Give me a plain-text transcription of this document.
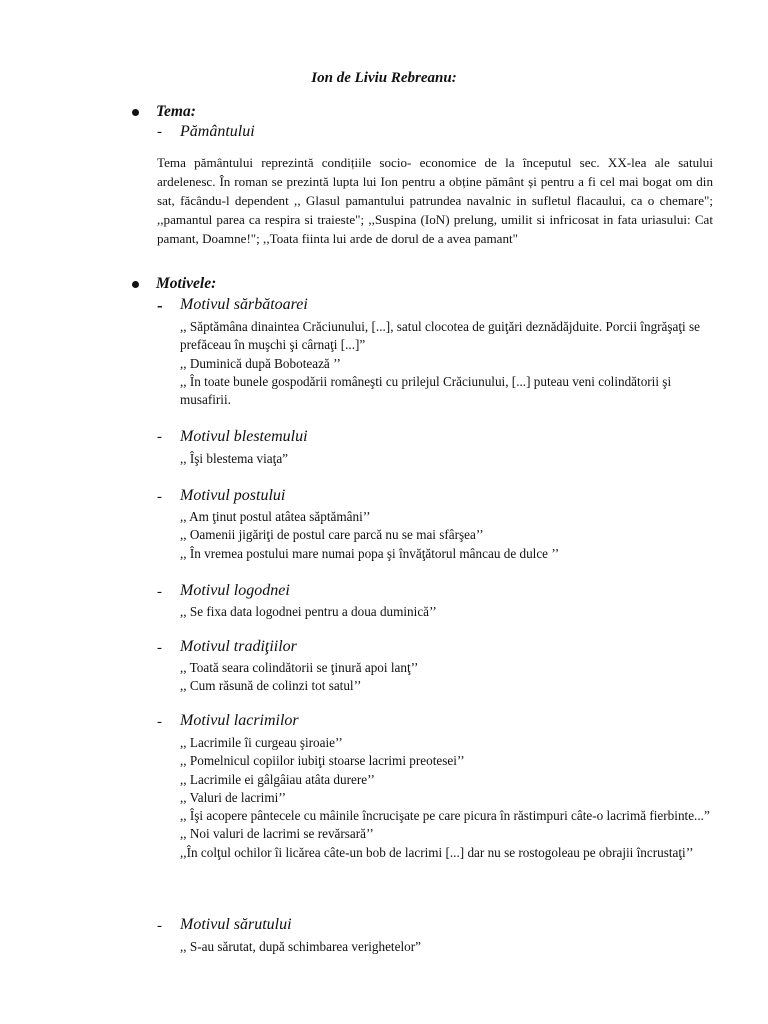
Ion de Liviu Rebreanu:
Tema:
- Pământului
Tema pământului reprezintă condițiile socio- economice de la începutul sec. XX-lea ale satului ardelenesc. În roman se prezintă lupta lui Ion pentru a obține pământ și pentru a fi cel mai bogat om din sat, făcându-l dependent ,, Glasul pamantului patrundea navalnic in sufletul flacaului, ca o chemare"; ,,pamantul parea ca respira si traieste"; ,,Suspina (IoN) prelung, umilit si infricosat in fata uriasului: Cat pamant, Doamne!"; ,,Toata fiinta lui arde de dorul de a avea pamant"
Motivele:
- Motivul sărbătoarei
,, Săptămâna dinaintea Crăciunului, [...], satul clocotea de guiţări deznădăjduite. Porcii îngrăşaţi se prefăceau în muşchi şi cârnaţi [...]”
,, Duminică după Bobotează ’’
,, În toate bunele gospodării româneşti cu prilejul Crăciunului, [...] puteau veni colindătorii şi musafirii.
- Motivul blestemului
,, Îşi blestema viaţa”
- Motivul postului
,, Am ţinut postul atâtea săptămâni’’
,, Oamenii jigăriţi de postul care parcă nu se mai sfârşea’’
,, În vremea postului mare numai popa şi învăţătorul mâncau de dulce ’’
- Motivul logodnei
,, Se fixa data logodnei pentru a doua duminică’’
- Motivul tradiţiilor
,, Toată seara colindătorii se ţinură apoi lanţ’’
,, Cum răsună de colinzi tot satul’’
- Motivul lacrimilor
,, Lacrimile îi curgeau şiroaie’’
,, Pomelnicul copiilor iubiţi stoarse lacrimi preotesei’’
,, Lacrimile ei gâlgâiau atâta durere’’
,, Valuri de lacrimi’’
,, Îşi acopere pântecele cu mâinile încrucişate pe care picura în răstimpuri câte-o lacrimă fierbinte...”
,, Noi valuri de lacrimi se revărsară’’
,,În colţul ochilor îi licărea câte-un bob de lacrimi [...] dar nu se rostogoleau pe obrajii încrustaţi’’
- Motivul sărutului
,, S-au sărutat, după schimbarea verighetelor”
